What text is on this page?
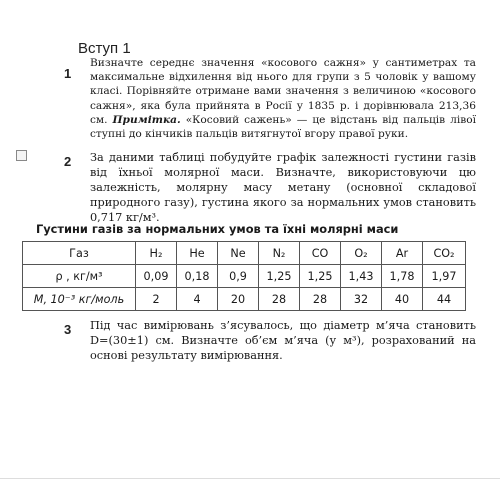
Вступ 1
1
Визначте середнє значення «косового сажня» у сантиметрах та максимальне відхилення від нього для групи з 5 чоловік у вашому класі. Порівняйте отримане вами значення з величиною «косового сажня», яка була прийнята в Росії у 1835 р. і дорівнювала 213,36 см. Примітка. «Косовий сажень» — це відстань від пальців лівої ступні до кінчиків пальців витягнутої вгору правої руки.
2 За даними таблиці побудуйте графік залежності густини газів від їхньої молярної маси. Визначте, використовуючи цю залежність, молярну масу метану (основної складової природного газу), густина якого за нормальних умов становить 0,717 кг/м³.
Густини газів за нормальних умов та їхні молярні маси
Газ	H₂	He	Ne	N₂	CO	O₂	Ar	CO₂
ρ , кг/м³	0,09	0,18	0,9	1,25	1,25	1,43	1,78	1,97
M, 10⁻³ кг/моль	2	4	20	28	28	32	40	44
3 Під час вимірювань з’ясувалось, що діаметр м’яча становить D=(30±1) см. Визначте об’єм м’яча (у м³), розрахований на основі результату вимірювання.
